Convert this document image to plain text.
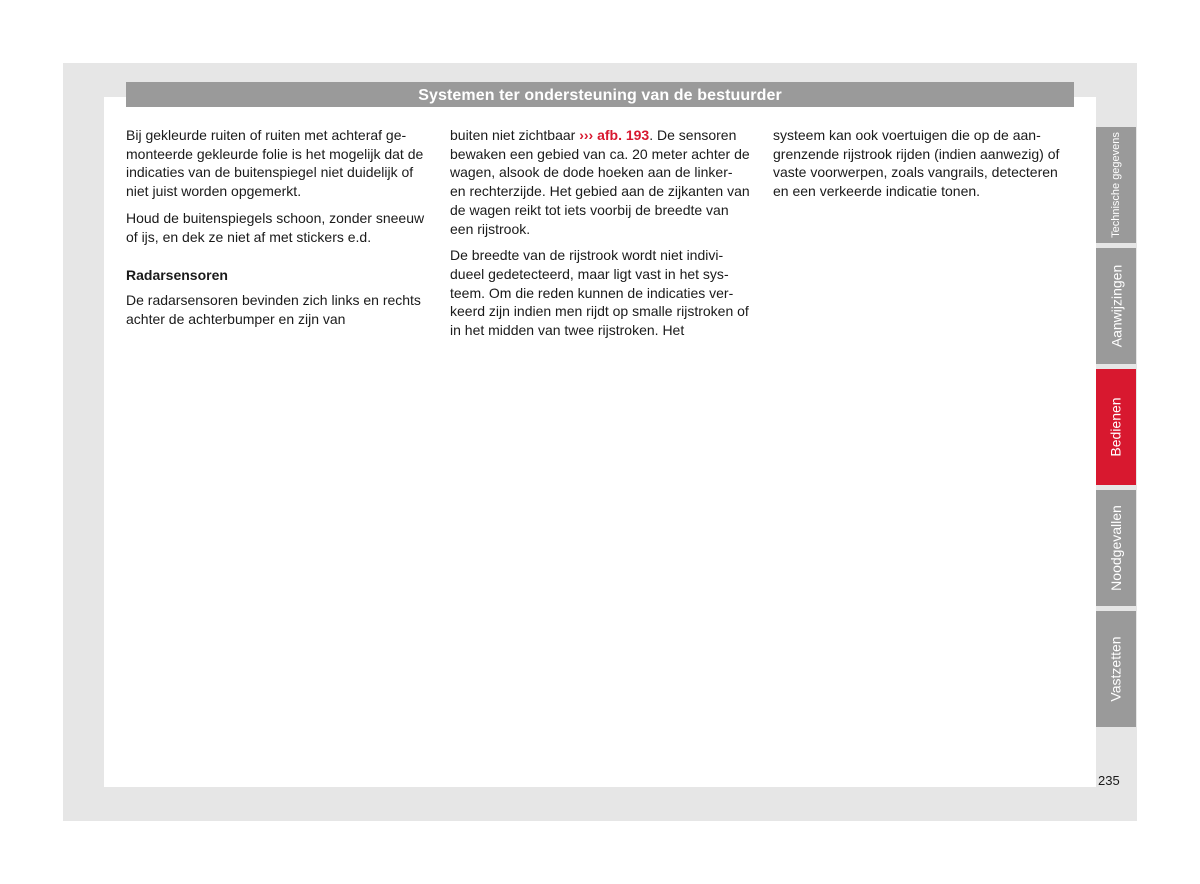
Systemen ter ondersteuning van de bestuurder

Bij gekleurde ruiten of ruiten met achteraf gemonteerde gekleurde folie is het mogelijk dat de indicaties van de buitenspiegel niet duidelijk of niet juist worden opgemerkt.

Houd de buitenspiegels schoon, zonder sneeuw of ijs, en dek ze niet af met stickers e.d.

Radarsensoren

De radarsensoren bevinden zich links en rechts achter de achterbumper en zijn van

buiten niet zichtbaar ››› afb. 193. De sensoren bewaken een gebied van ca. 20 meter achter de wagen, alsook de dode hoeken aan de linker- en rechterzijde. Het gebied aan de zijkanten van de wagen reikt tot iets voorbij de breedte van een rijstrook.

De breedte van de rijstrook wordt niet individueel gedetecteerd, maar ligt vast in het systeem. Om die reden kunnen de indicaties verkeerd zijn indien men rijdt op smalle rijstroken of in het midden van twee rijstroken. Het

systeem kan ook voertuigen die op de aangrenzende rijstrook rijden (indien aanwezig) of vaste voorwerpen, zoals vangrails, detecteren en een verkeerde indicatie tonen.	Technische gegevens
Aanwijzingen
Bedienen
Noodgevallen
Vastzetten
235
